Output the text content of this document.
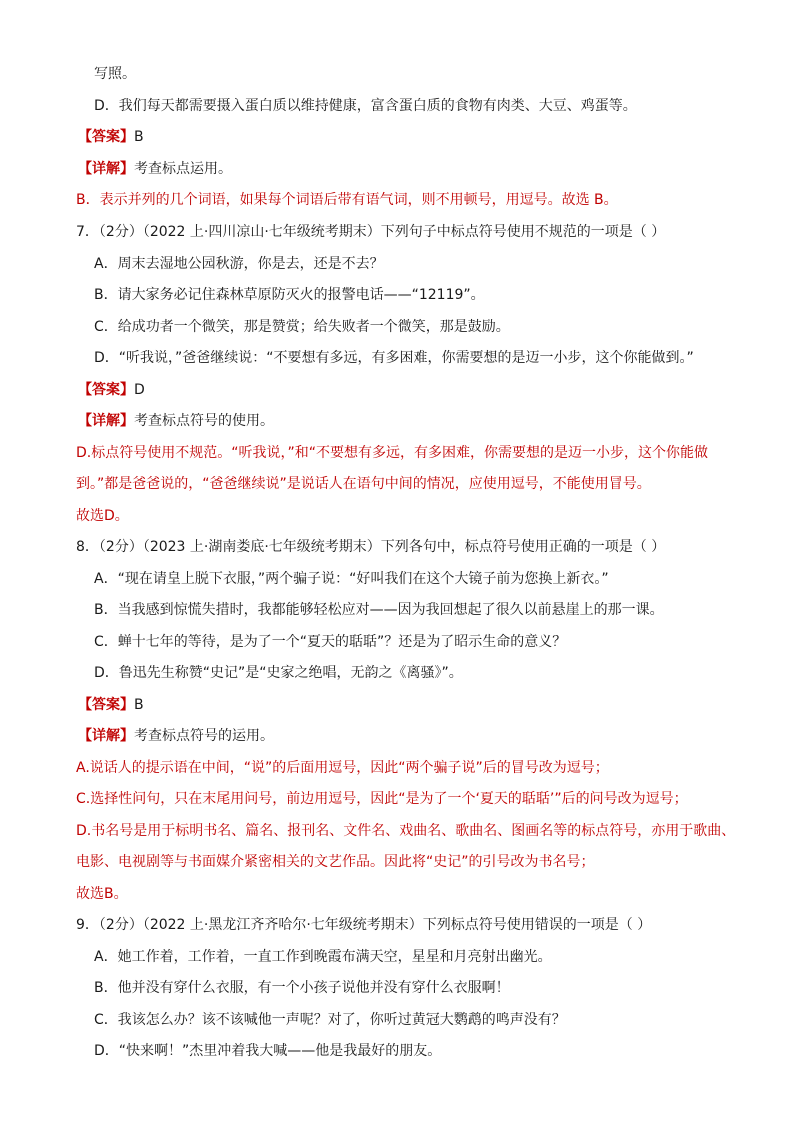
写照。
D．我们每天都需要摄入蛋白质以维持健康，富含蛋白质的食物有肉类、大豆、鸡蛋等。
【答案】B
【详解】考查标点运用。
B．表示并列的几个词语，如果每个词语后带有语气词，则不用顿号，用逗号。故选 B。
7．（2分）（2022 上·四川凉山·七年级统考期末）下列句子中标点符号使用不规范的一项是（ ）
A．周末去湿地公园秋游，你是去，还是不去？
B．请大家务必记住森林草原防灭火的报警电话——“12119”。
C．给成功者一个微笑，那是赞赏；给失败者一个微笑，那是鼓励。
D．“听我说，”爸爸继续说：“不要想有多远，有多困难，你需要想的是迈一小步，这个你能做到。”
【答案】D
【详解】考查标点符号的使用。
D.标点符号使用不规范。“听我说，”和“不要想有多远，有多困难，你需要想的是迈一小步，这个你能做
到。”都是爸爸说的，“爸爸继续说”是说话人在语句中间的情况，应使用逗号，不能使用冒号。
故选D。
8．（2分）（2023 上·湖南娄底·七年级统考期末）下列各句中，标点符号使用正确的一项是（ ）
A．“现在请皇上脱下衣服，”两个骗子说：“好叫我们在这个大镜子前为您换上新衣。”
B．当我感到惊慌失措时，我都能够轻松应对——因为我回想起了很久以前悬崖上的那一课。
C．蝉十七年的等待，是为了一个“夏天的聒聒”？还是为了昭示生命的意义？
D．鲁迅先生称赞“史记”是“史家之绝唱，无韵之《离骚》”。
【答案】B
【详解】考查标点符号的运用。
A.说话人的提示语在中间，“说”的后面用逗号，因此“两个骗子说”后的冒号改为逗号；
C.选择性问句，只在末尾用问号，前边用逗号，因此“是为了一个‘夏天的聒聒’”后的问号改为逗号；
D.书名号是用于标明书名、篇名、报刊名、文件名、戏曲名、歌曲名、图画名等的标点符号，亦用于歌曲、
电影、电视剧等与书面媒介紧密相关的文艺作品。因此将“史记”的引号改为书名号；
故选B。
9．（2分）（2022 上·黑龙江齐齐哈尔·七年级统考期末）下列标点符号使用错误的一项是（ ）
A．她工作着，工作着，一直工作到晚霞布满天空，星星和月亮射出幽光。
B．他并没有穿什么衣服，有一个小孩子说他并没有穿什么衣服啊！
C．我该怎么办？该不该喊他一声呢？对了，你听过黄冠大鹦鹉的鸣声没有？
D．“快来啊！”杰里冲着我大喊——他是我最好的朋友。
